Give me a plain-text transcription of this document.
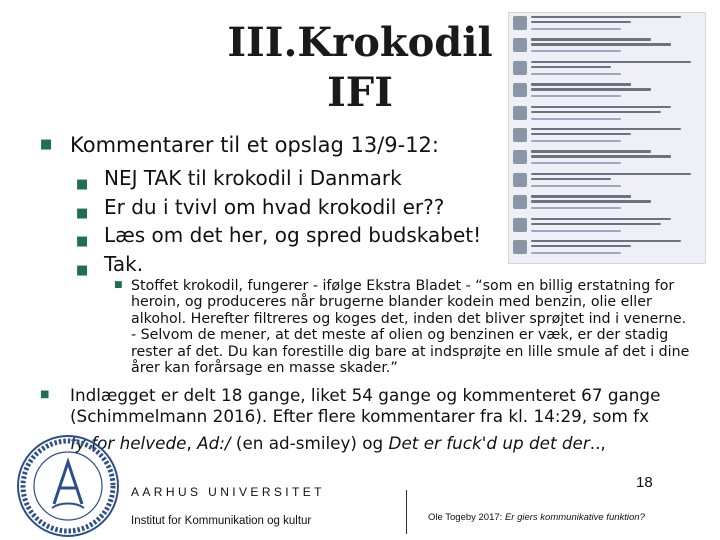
III.Krokodil
IFI
■ Kommentarer til et opslag 13/9-12:
■ NEJ TAK til krokodil i Danmark
■ Er du i tvivl om hvad krokodil er??
■ Læs om det her, og spred budskabet!
■ Tak.
■ Stoffet krokodil, fungerer - ifølge Ekstra Bladet - “som en billig erstatning for heroin, og produceres når brugerne blander kodein med benzin, olie eller alkohol. Herefter filtreres og koges det, inden det bliver sprøjtet ind i venerne. - Selvom de mener, at det meste af olien og benzinen er væk, er der stadig rester af det. Du kan forestille dig bare at indsprøjte en lille smule af det i dine årer kan forårsage en masse skader.”
■ Indlægget er delt 18 gange, liket 54 gange og kommenteret 67 gange (Schimmelmann 2016). Efter flere kommentarer fra kl. 14:29, som fx
fy for helvede, Ad:/ (en ad-smiley) og Det er fuck'd up det der..,
AARHUS UNIVERSITET
Institut for Kommunikation og kultur
18
Ole Togeby 2017: Er giers kommunikative funktion?
